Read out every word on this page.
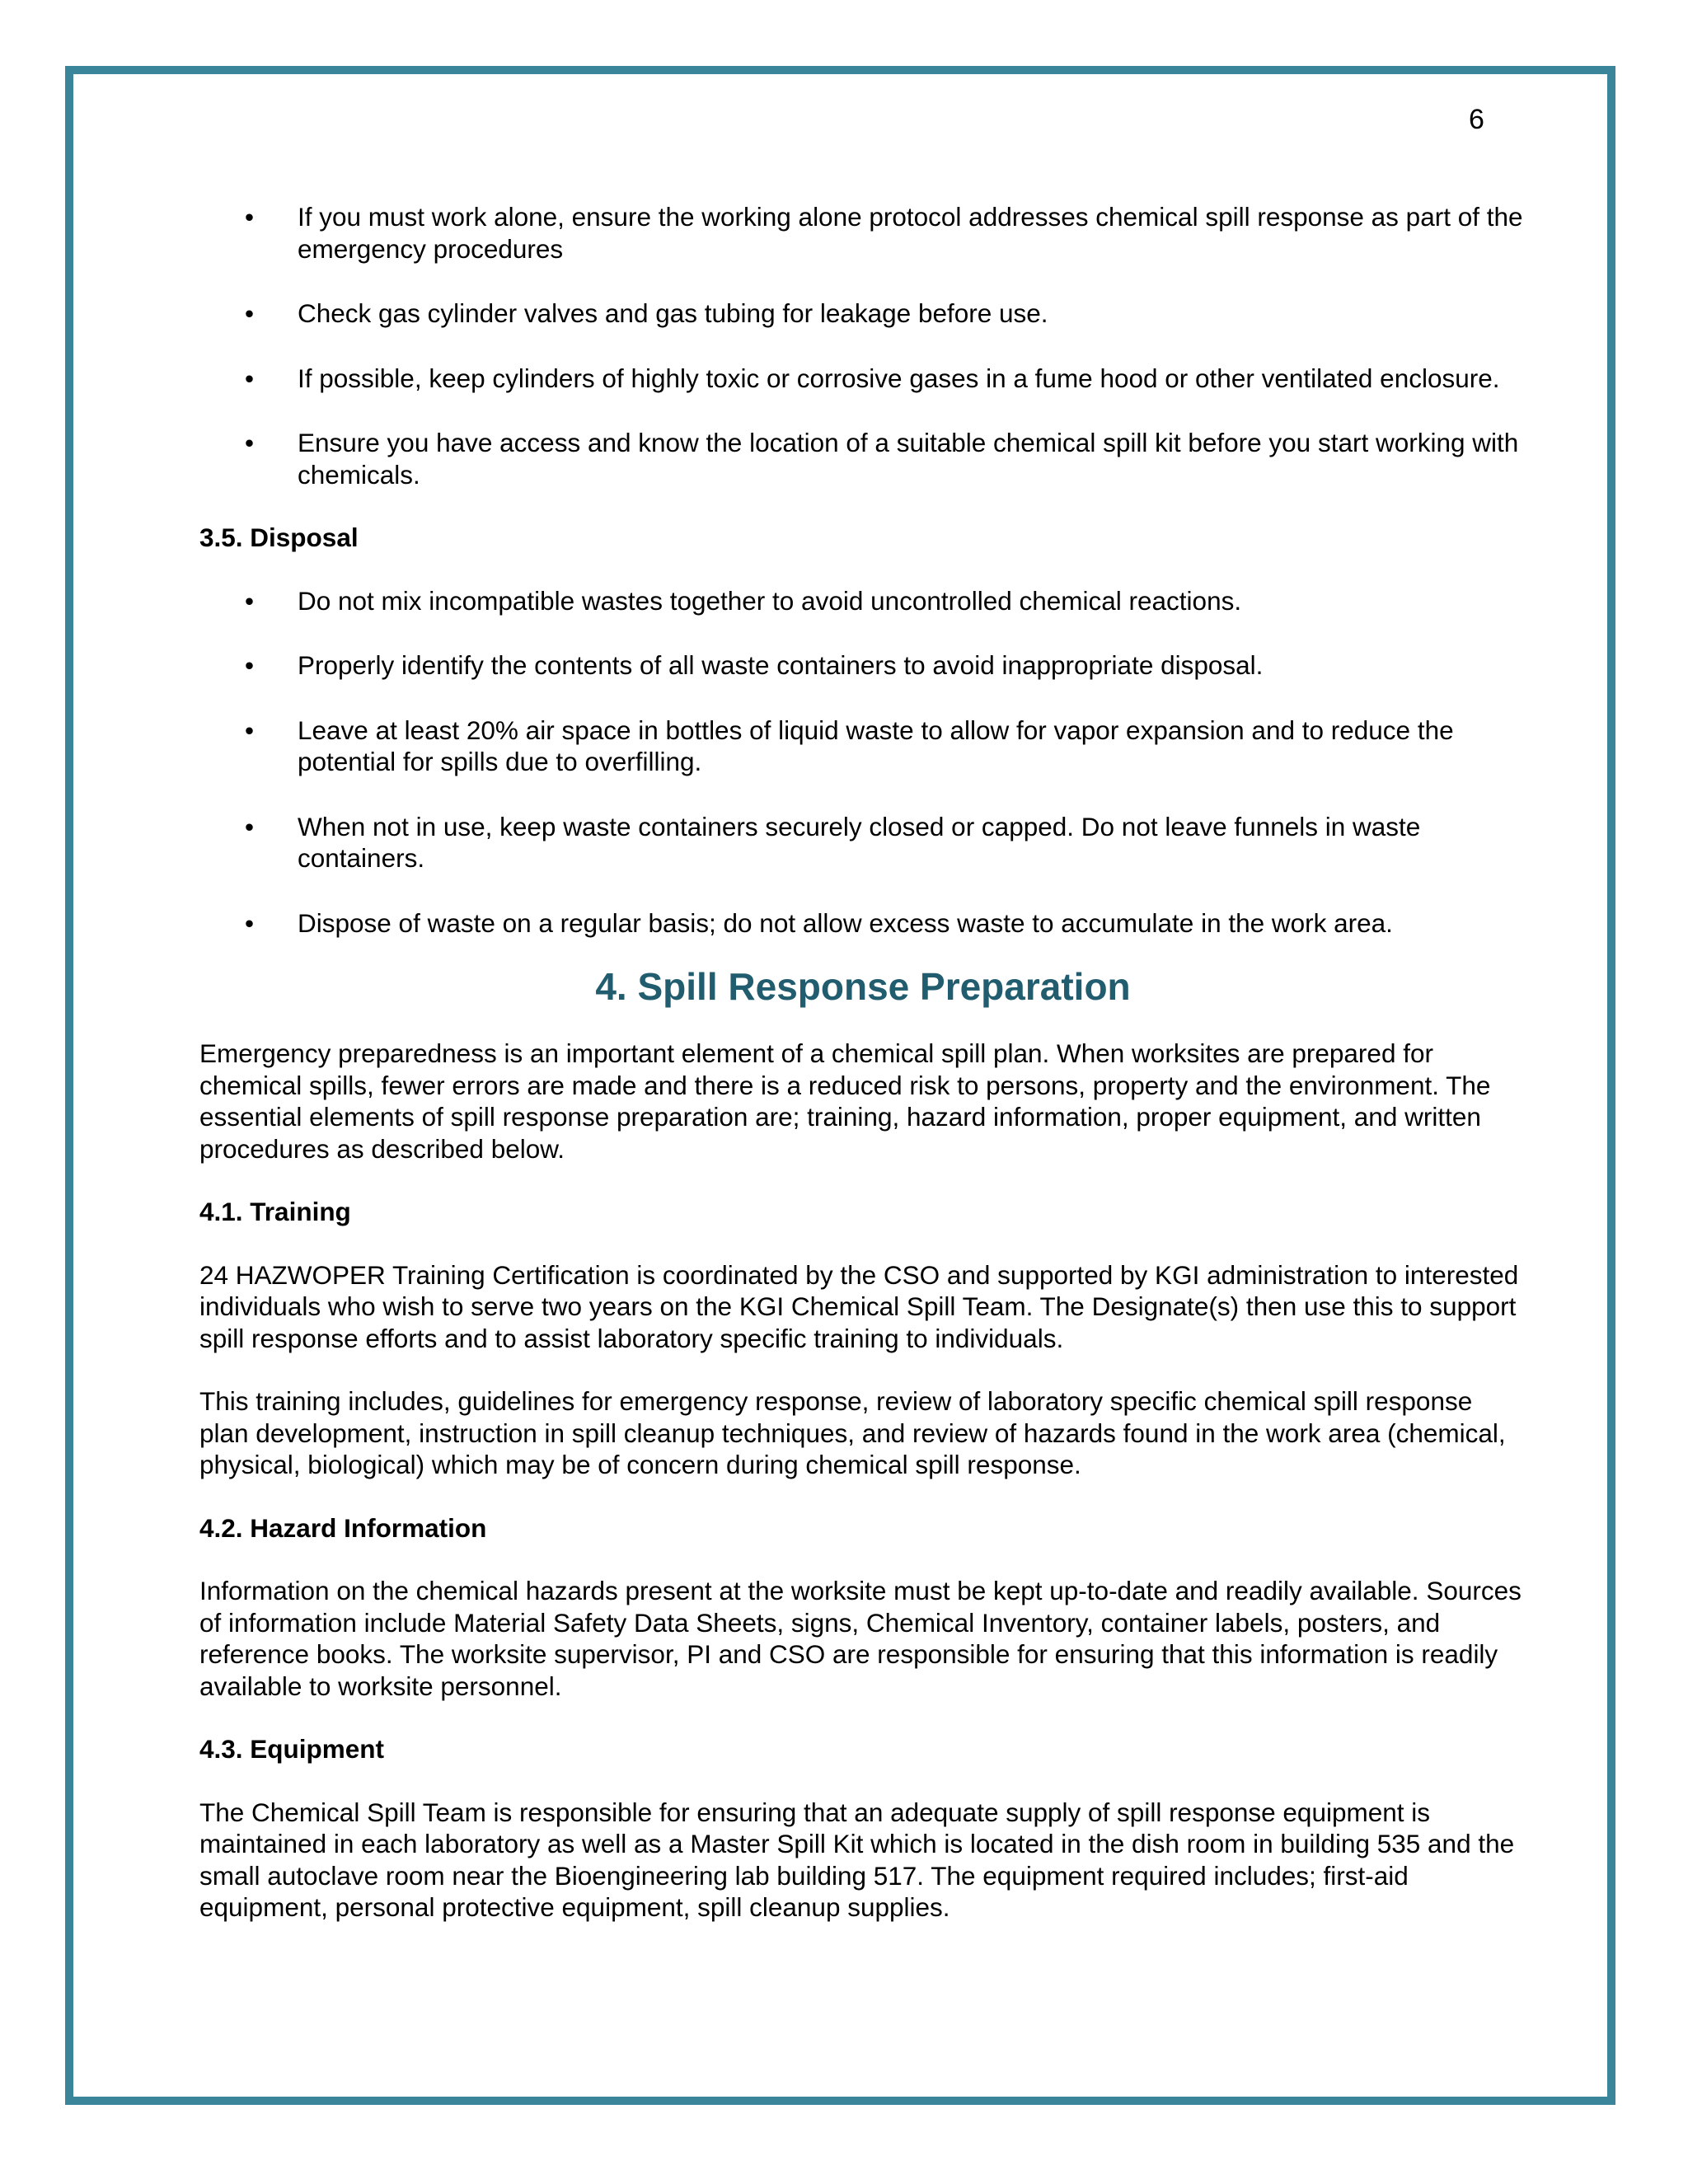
6
• If you must work alone, ensure the working alone protocol addresses chemical spill response as part of the emergency procedures
• Check gas cylinder valves and gas tubing for leakage before use.
• If possible, keep cylinders of highly toxic or corrosive gases in a fume hood or other ventilated enclosure.
• Ensure you have access and know the location of a suitable chemical spill kit before you start working with chemicals.
3.5. Disposal
• Do not mix incompatible wastes together to avoid uncontrolled chemical reactions.
• Properly identify the contents of all waste containers to avoid inappropriate disposal.
• Leave at least 20% air space in bottles of liquid waste to allow for vapor expansion and to reduce the potential for spills due to overfilling.
• When not in use, keep waste containers securely closed or capped. Do not leave funnels in waste containers.
• Dispose of waste on a regular basis; do not allow excess waste to accumulate in the work area.
4. Spill Response Preparation

Emergency preparedness is an important element of a chemical spill plan. When worksites are prepared for chemical spills, fewer errors are made and there is a reduced risk to persons, property and the environment. The essential elements of spill response preparation are; training, hazard information, proper equipment, and written procedures as described below.

4.1. Training

24 HAZWOPER Training Certification is coordinated by the CSO and supported by KGI administration to interested individuals who wish to serve two years on the KGI Chemical Spill Team. The Designate(s) then use this to support spill response efforts and to assist laboratory specific training to individuals.

This training includes, guidelines for emergency response, review of laboratory specific chemical spill response plan development, instruction in spill cleanup techniques, and review of hazards found in the work area (chemical, physical, biological) which may be of concern during chemical spill response.

4.2. Hazard Information

Information on the chemical hazards present at the worksite must be kept up-to-date and readily available. Sources of information include Material Safety Data Sheets, signs, Chemical Inventory, container labels, posters, and reference books. The worksite supervisor, PI and CSO are responsible for ensuring that this information is readily available to worksite personnel.

4.3. Equipment

The Chemical Spill Team is responsible for ensuring that an adequate supply of spill response equipment is maintained in each laboratory as well as a Master Spill Kit which is located in the dish room in building 535 and the small autoclave room near the Bioengineering lab building 517. The equipment required includes; first-aid equipment, personal protective equipment, spill cleanup supplies.
